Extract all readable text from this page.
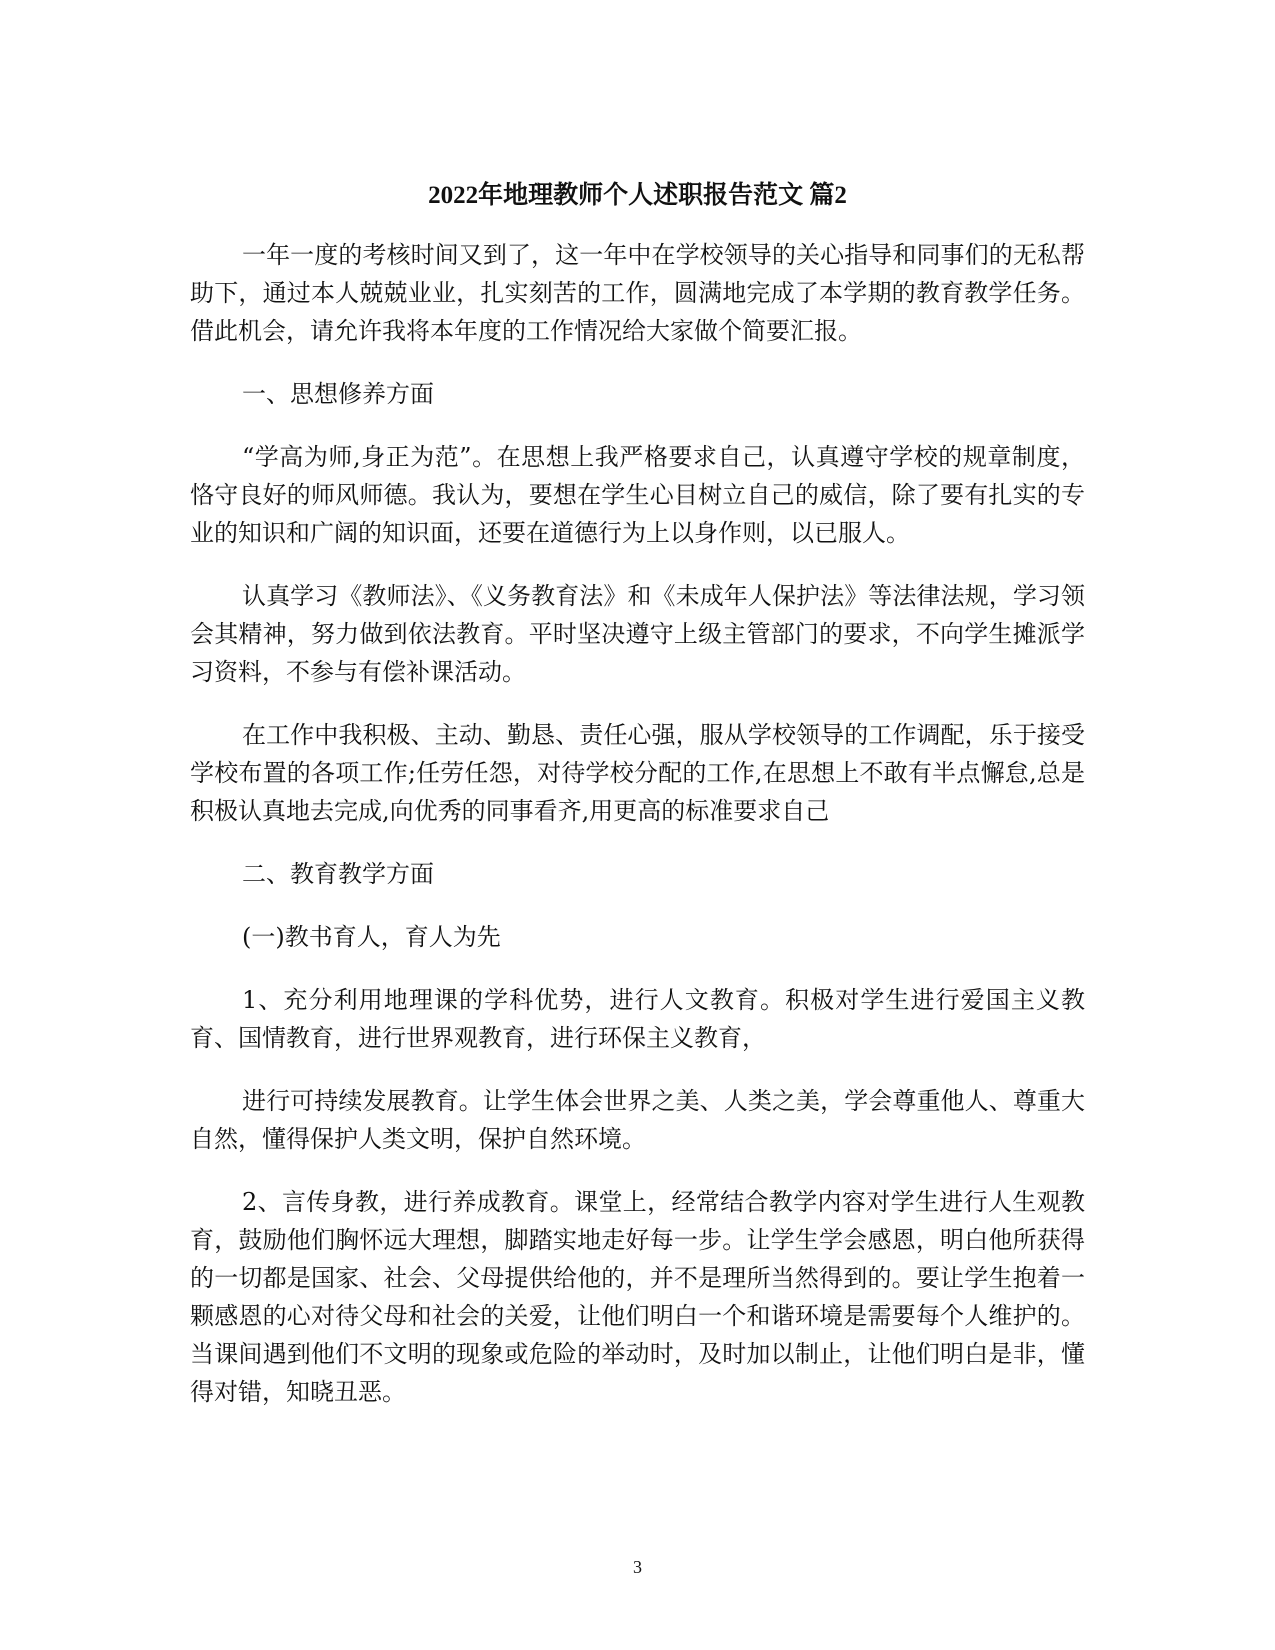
2022年地理教师个人述职报告范文 篇2

一年一度的考核时间又到了，这一年中在学校领导的关心指导和同事们的无私帮助下，通过本人兢兢业业，扎实刻苦的工作，圆满地完成了本学期的教育教学任务。借此机会，请允许我将本年度的工作情况给大家做个简要汇报。

一、思想修养方面

“学高为师,身正为范”。在思想上我严格要求自己，认真遵守学校的规章制度，恪守良好的师风师德。我认为，要想在学生心目树立自己的威信，除了要有扎实的专业的知识和广阔的知识面，还要在道德行为上以身作则，以已服人。

认真学习《教师法》、《义务教育法》和《未成年人保护法》等法律法规，学习领会其精神，努力做到依法教育。平时坚决遵守上级主管部门的要求，不向学生摊派学习资料，不参与有偿补课活动。

在工作中我积极、主动、勤恳、责任心强，服从学校领导的工作调配，乐于接受学校布置的各项工作;任劳任怨，对待学校分配的工作,在思想上不敢有半点懈怠,总是积极认真地去完成,向优秀的同事看齐,用更高的标准要求自己

二、教育教学方面

(一)教书育人，育人为先

1、充分利用地理课的学科优势，进行人文教育。积极对学生进行爱国主义教育、国情教育，进行世界观教育，进行环保主义教育，

进行可持续发展教育。让学生体会世界之美、人类之美，学会尊重他人、尊重大自然，懂得保护人类文明，保护自然环境。

2、言传身教，进行养成教育。课堂上，经常结合教学内容对学生进行人生观教育，鼓励他们胸怀远大理想，脚踏实地走好每一步。让学生学会感恩，明白他所获得的一切都是国家、社会、父母提供给他的，并不是理所当然得到的。要让学生抱着一颗感恩的心对待父母和社会的关爱，让他们明白一个和谐环境是需要每个人维护的。当课间遇到他们不文明的现象或危险的举动时，及时加以制止，让他们明白是非，懂得对错，知晓丑恶。

3
